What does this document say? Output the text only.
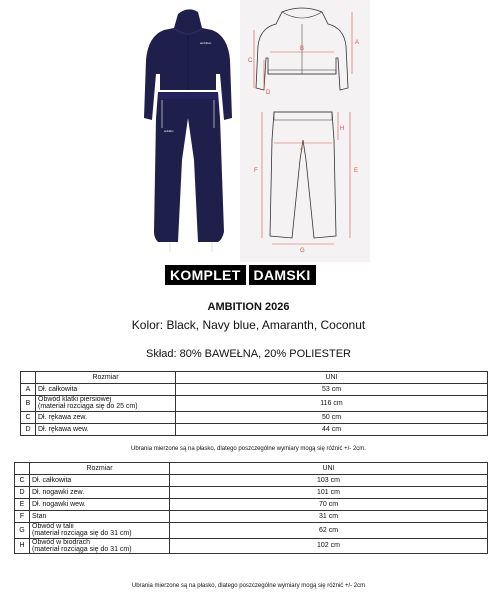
ambition
ambition
A
B
C
D
E
F
G
H
J
KOMPLET DAMSKI
AMBITION 2026
Kolor: Black, Navy blue, Amaranth, Coconut
Skład: 80% BAWEŁNA, 20% POLIESTER
	Rozmiar	UNI
A	Dł. całkowita	53 cm
B	Obwód klatki piersiowej
(materiał rozciąga się do 25 cm)	116 cm
C	Dł. rękawa zew.	50 cm
D	Dł. rękawa wew.	44 cm
Ubrania mierzone są na płasko, dlatego poszczególne wymiary mogą się różnić +/- 2cm.
	Rozmiar	UNI
C	Dł. całkowita	103 cm
D	Dł. nogawki zew.	101 cm
E	Dł. nogawki wew.	70 cm
F	Stan	31 cm
G	Obwód w talii
(materiał rozciąga się do 31 cm)	62 cm
H	Obwód w biodrach
(materiał rozciąga się do 31 cm)	102 cm
Ubrania mierzone są na płasko, dlatego poszczególne wymiary mogą się różnić +/- 2cm
